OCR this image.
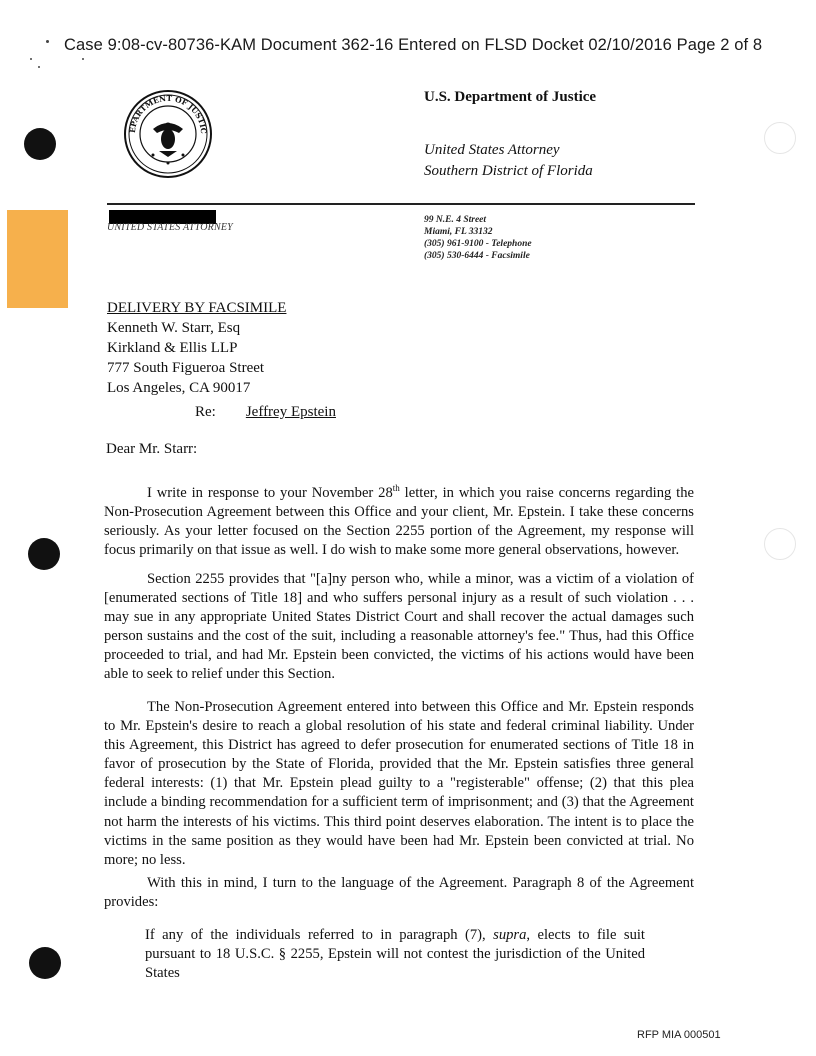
Case 9:08-cv-80736-KAM Document 362-16 Entered on FLSD Docket 02/10/2016 Page 2 of 8
EPARTMENT OF JUSTIC
U.S. Department of Justice
United States Attorney
Southern District of Florida
UNITED STATES ATTORNEY
99 N.E. 4 Street
Miami, FL 33132
(305) 961-9100 - Telephone
(305) 530-6444 - Facsimile
DELIVERY BY FACSIMILE
Kenneth W. Starr, Esq
Kirkland & Ellis LLP
777 South Figueroa Street
Los Angeles, CA 90017
Re: Jeffrey Epstein
Dear Mr. Starr:
I write in response to your November 28th letter, in which you raise concerns regarding the Non-Prosecution Agreement between this Office and your client, Mr. Epstein. I take these concerns seriously. As your letter focused on the Section 2255 portion of the Agreement, my response will focus primarily on that issue as well. I do wish to make some more general observations, however.
Section 2255 provides that "[a]ny person who, while a minor, was a victim of a violation of [enumerated sections of Title 18] and who suffers personal injury as a result of such violation . . . may sue in any appropriate United States District Court and shall recover the actual damages such person sustains and the cost of the suit, including a reasonable attorney's fee." Thus, had this Office proceeded to trial, and had Mr. Epstein been convicted, the victims of his actions would have been able to seek to relief under this Section.
The Non-Prosecution Agreement entered into between this Office and Mr. Epstein responds to Mr. Epstein's desire to reach a global resolution of his state and federal criminal liability. Under this Agreement, this District has agreed to defer prosecution for enumerated sections of Title 18 in favor of prosecution by the State of Florida, provided that the Mr. Epstein satisfies three general federal interests: (1) that Mr. Epstein plead guilty to a "registerable" offense; (2) that this plea include a binding recommendation for a sufficient term of imprisonment; and (3) that the Agreement not harm the interests of his victims. This third point deserves elaboration. The intent is to place the victims in the same position as they would have been had Mr. Epstein been convicted at trial. No more; no less.
With this in mind, I turn to the language of the Agreement. Paragraph 8 of the Agreement provides:
If any of the individuals referred to in paragraph (7), supra, elects to file suit pursuant to 18 U.S.C. § 2255, Epstein will not contest the jurisdiction of the United States
RFP MIA 000501
